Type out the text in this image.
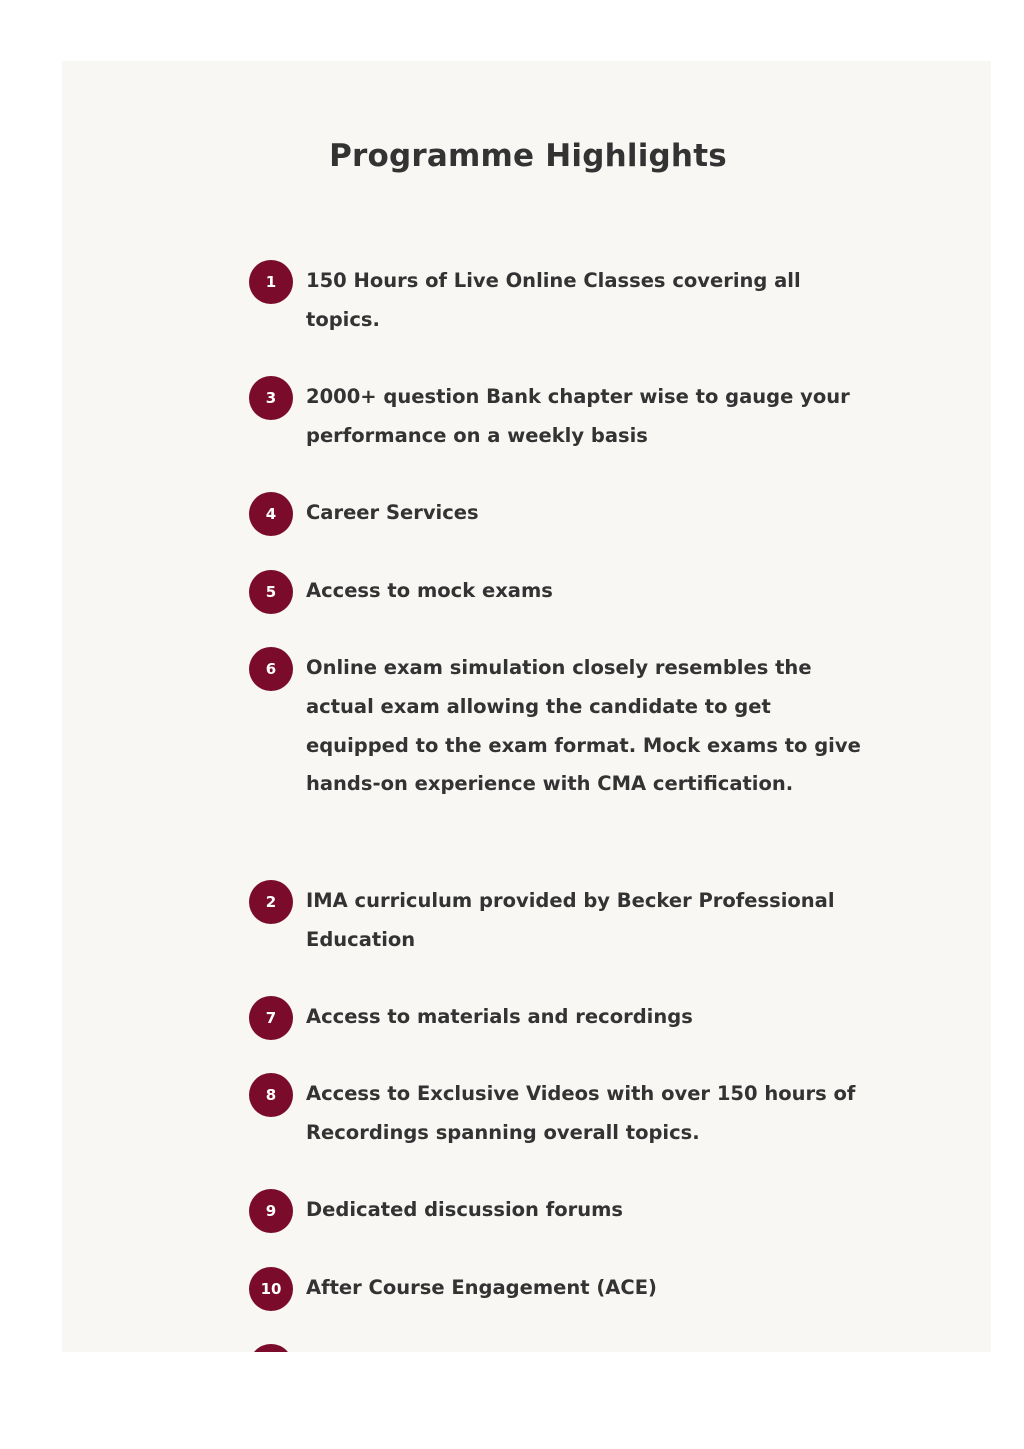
Programme Highlights
1	150 Hours of Live Online Classes covering all topics.

3	2000+ question Bank chapter wise to gauge your performance on a weekly basis

4	Career Services

5	Access to mock exams

6	Online exam simulation closely resembles the actual exam allowing the candidate to get equipped to the exam format. Mock exams to give hands-on experience with CMA certification.

2	IMA curriculum provided by Becker Professional Education

7	Access to materials and recordings

8	Access to Exclusive Videos with over 150 hours of Recordings spanning overall topics.

9	Dedicated discussion forums

10	After Course Engagement (ACE)
